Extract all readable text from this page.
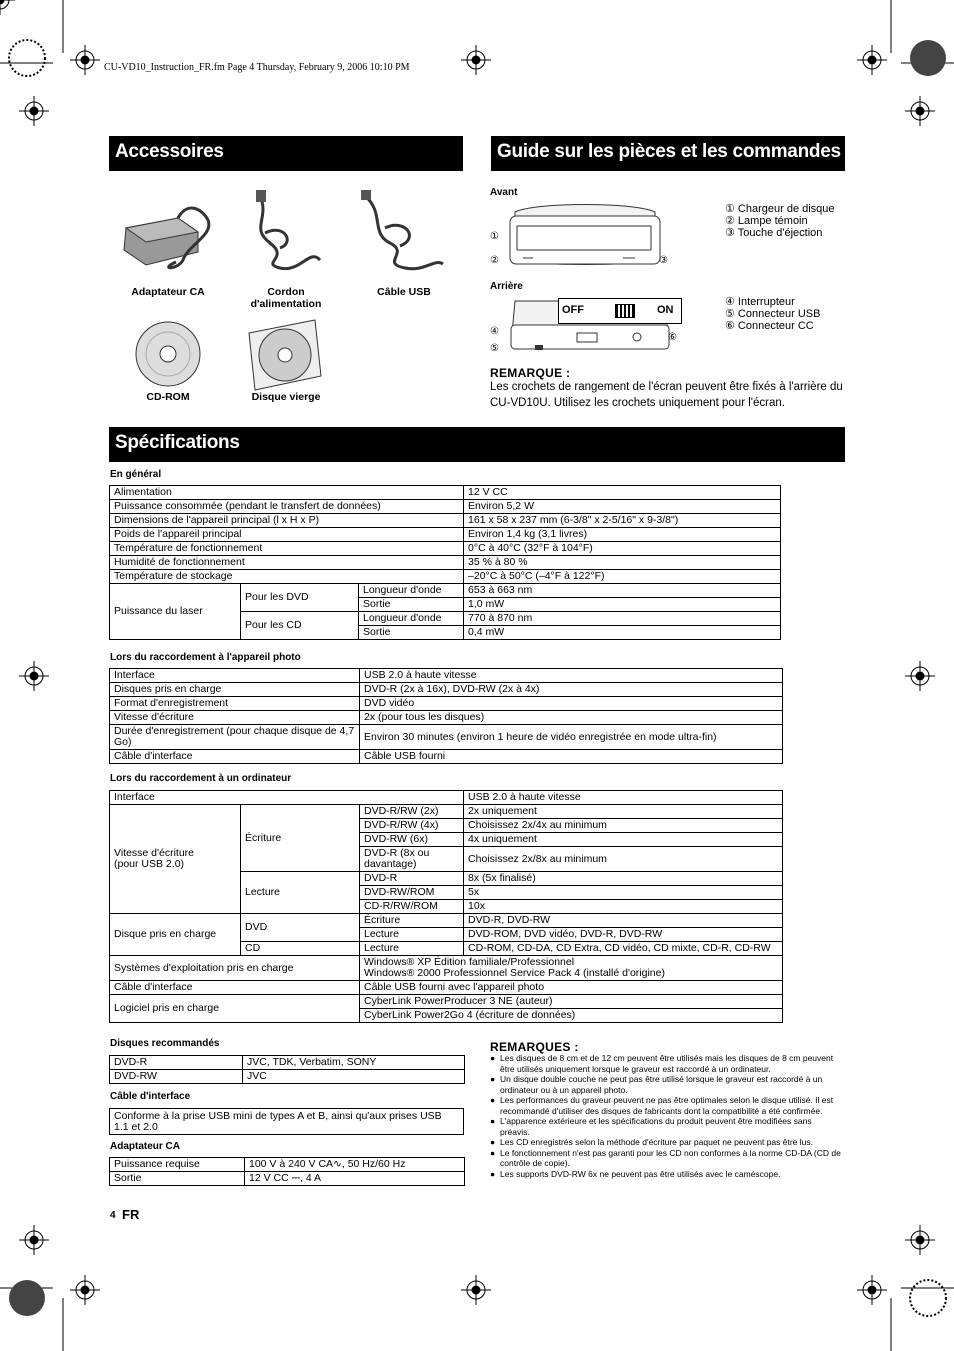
CU-VD10_Instruction_FR.fm Page 4 Thursday, February 9, 2006 10:10 PM
Accessoires
Adaptateur CA	Cordon
d'alimentation
Câble USB
CD-ROM	Disque vierge
Guide sur les pièces et les commandes
Avant
①
②	③
① Chargeur de disque
② Lampe témoin
③ Touche d'éjection
Arrière
OFF	ON
④
⑤
⑥
④ Interrupteur
⑤ Connecteur USB
⑥ Connecteur CC
REMARQUE :
Les crochets de rangement de l'écran peuvent être fixés à l'arrière du CU-VD10U. Utilisez les crochets uniquement pour l'écran.
Spécifications
En général
Alimentation			12 V CC
Puissance consommée (pendant le transfert de données)			Environ 5,2 W
Dimensions de l'appareil principal (l x H x P)			161 x 58 x 237 mm (6-3/8" x 2-5/16" x 9-3/8")
Poids de l'appareil principal			Environ 1,4 kg (3,1 livres)
Température de fonctionnement			0°C à 40°C (32°F à 104°F)
Humidité de fonctionnement			35 % à 80 %
Température de stockage			–20°C à 50°C (–4°F à 122°F)
Puissance du laser	Pour les DVD	Longueur d'onde	653 à 663 nm
		Sortie	1,0 mW
	Pour les CD	Longueur d'onde	770 à 870 nm
		Sortie	0,4 mW
Lors du raccordement à l'appareil photo
Interface	USB 2.0 à haute vitesse
Disques pris en charge	DVD-R (2x à 16x), DVD-RW (2x à 4x)
Format d'enregistrement	DVD vidéo
Vitesse d'écriture	2x (pour tous les disques)
Durée d'enregistrement (pour chaque disque de 4,7 Go)	Environ 30 minutes (environ 1 heure de vidéo enregistrée en mode ultra-fin)
Câble d'interface	Câble USB fourni
Lors du raccordement à un ordinateur
Interface			USB 2.0 à haute vitesse
Vitesse d'écriture
(pour USB 2.0)	Écriture	DVD-R/RW (2x)	2x uniquement
		DVD-R/RW (4x)	Choisissez 2x/4x au minimum
		DVD-RW (6x)	4x uniquement
		DVD-R (8x ou davantage)	Choisissez 2x/8x au minimum
	Lecture	DVD-R	8x (5x finalisé)
		DVD-RW/ROM	5x
		CD-R/RW/ROM	10x
Disque pris en charge	DVD	Écriture	DVD-R, DVD-RW
		Lecture	DVD-ROM, DVD vidéo, DVD-R, DVD-RW
	CD	Lecture	CD-ROM, CD-DA, CD Extra, CD vidéo, CD mixte, CD-R, CD-RW
Systèmes d'exploitation pris en charge		Windows® XP Édition familiale/Professionnel
Windows® 2000 Professionnel Service Pack 4 (installé d'origine)	

Câble d'interface		Câble USB fourni avec l'appareil photo	
Logiciel pris en charge		CyberLink PowerProducer 3 NE (auteur)	
		CyberLink Power2Go 4 (écriture de données)	
Disques recommandés
DVD-R	JVC, TDK, Verbatim, SONY
DVD-RW	JVC
Câble d'interface
Conforme à la prise USB mini de types A et B, ainsi qu'aux prises USB 1.1 et 2.0
Adaptateur CA
Puissance requise	100 V à 240 V CA∿, 50 Hz/60 Hz
Sortie	12 V CC ⎓, 4 A
REMARQUES :
● Les disques de 8 cm et de 12 cm peuvent être utilisés mais les disques de 8 cm peuvent être utilisés uniquement lorsque le graveur est raccordé à un ordinateur.
● Un disque double couche ne peut pas être utilisé lorsque le graveur est raccordé à un ordinateur ou à un appareil photo.
● Les performances du graveur peuvent ne pas être optimales selon le disque utilisé. Il est recommandé d'utiliser des disques de fabricants dont la compatibilité a été confirmée.
● L'apparence extérieure et les spécifications du produit peuvent être modifiées sans préavis.
● Les CD enregistrés selon la méthode d'écriture par paquet ne peuvent pas être lus.
● Le fonctionnement n'est pas garanti pour les CD non conformes à la norme CD-DA (CD de contrôle de copie).
● Les supports DVD-RW 6x ne peuvent pas être utilisés avec le caméscope.
4 FR
